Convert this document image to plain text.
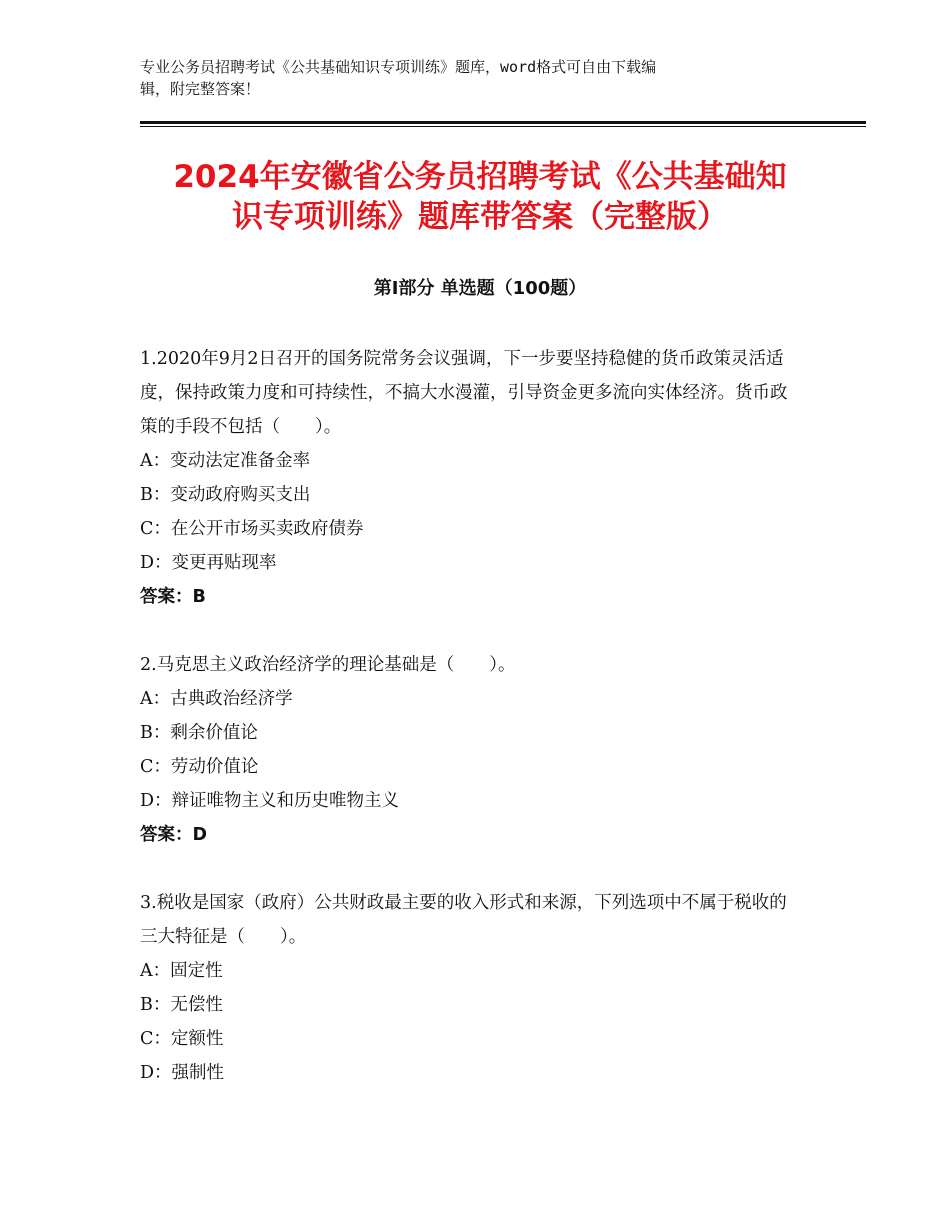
专业公务员招聘考试《公共基础知识专项训练》题库，word格式可自由下载编
辑，附完整答案！
2024年安徽省公务员招聘考试《公共基础知
识专项训练》题库带答案（完整版）
第Ⅰ部分 单选题（100题）
1.2020年9月2日召开的国务院常务会议强调，下一步要坚持稳健的货币政策灵活适度，保持政策力度和可持续性，不搞大水漫灌，引导资金更多流向实体经济。货币政策的手段不包括（　　）。
A：变动法定准备金率
B：变动政府购买支出
C：在公开市场买卖政府债券
D：变更再贴现率
答案：B
2.马克思主义政治经济学的理论基础是（　　）。
A：古典政治经济学
B：剩余价值论
C：劳动价值论
D：辩证唯物主义和历史唯物主义
答案：D
3.税收是国家（政府）公共财政最主要的收入形式和来源，下列选项中不属于税收的三大特征是（　　）。
A：固定性
B：无偿性
C：定额性
D：强制性
